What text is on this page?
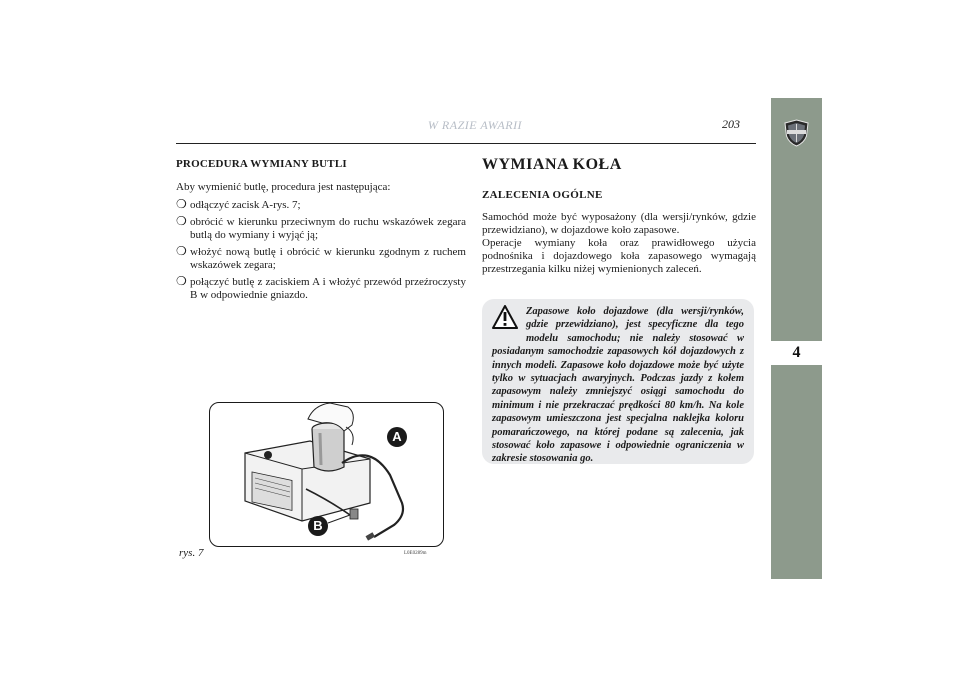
W RAZIE AWARII	203
4
PROCEDURA WYMIANY BUTLI
Aby wymienić butlę, procedura jest następująca:
❍ odłączyć zacisk A-rys. 7;
❍ obrócić w kierunku przeciwnym do ruchu wskazówek zegara butlą do wymiany i wyjąć ją;
❍ włożyć nową butlę i obrócić w kierunku zgodnym z ruchem wskazówek zegara;
❍ połączyć butlę z zaciskiem A i włożyć przewód przeźroczysty B w odpowiednie gniazdo.
A
B
rys. 7	L0E0289m
WYMIANA KOŁA
ZALECENIA OGÓLNE

Samochód może być wyposażony (dla wersji/rynków, gdzie przewidziano), w dojazdowe koło zapasowe.

Operacje wymiany koła oraz prawidłowego użycia podnośnika i dojazdowego koła zapasowego wymagają przestrzegania kilku niżej wymienionych zaleceń.

Zapasowe koło dojazdowe (dla wersji/rynków, gdzie przewidziano), jest specyficzne dla tego modelu samochodu; nie należy stosować w posiadanym samochodzie zapasowych kół dojazdowych z innych modeli. Zapasowe koło dojazdowe może być użyte tylko w sytuacjach awaryjnych. Podczas jazdy z kołem zapasowym należy zmniejszyć osiągi samochodu do minimum i nie przekraczać prędkości 80 km/h. Na kole zapasowym umieszczona jest specjalna naklejka koloru pomarańczowego, na której podane są zalecenia, jak stosować koło zapasowe i odpowiednie ograniczenia w zakresie stosowania go.
